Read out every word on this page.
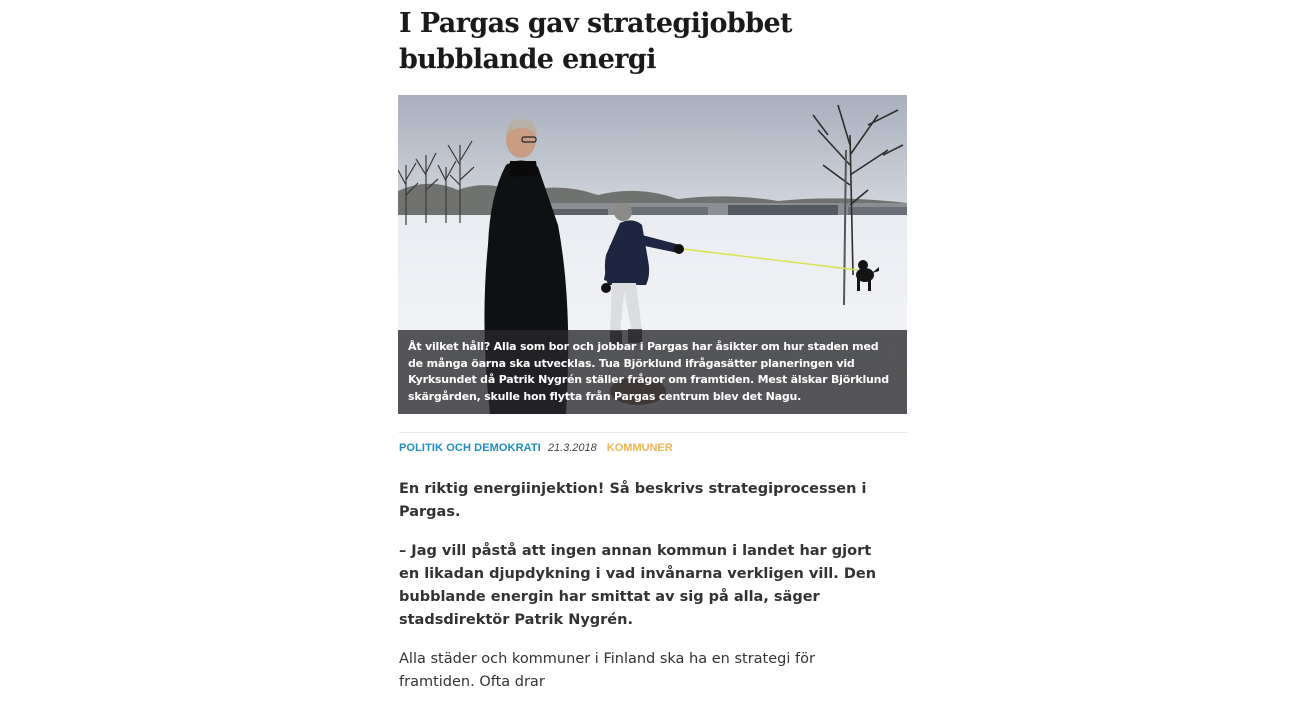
I Pargas gav strategijobbet bubblande energi
Åt vilket håll? Alla som bor och jobbar i Pargas har åsikter om hur staden med de många öarna ska utvecklas. Tua Björklund ifrågasätter planeringen vid Kyrksundet då Patrik Nygrén ställer frågor om framtiden. Mest älskar Björklund skärgården, skulle hon flytta från Pargas centrum blev det Nagu.
POLITIK OCH DEMOKRATI 21.3.2018 KOMMUNER

En riktig energiinjektion! Så beskrivs strategiprocessen i Pargas.

– Jag vill påstå att ingen annan kommun i landet har gjort en likadan djupdykning i vad invånarna verkligen vill. Den bubblande energin har smittat av sig på alla, säger stadsdirektör Patrik Nygrén.

Alla städer och kommuner i Finland ska ha en strategi för framtiden. Ofta drar
